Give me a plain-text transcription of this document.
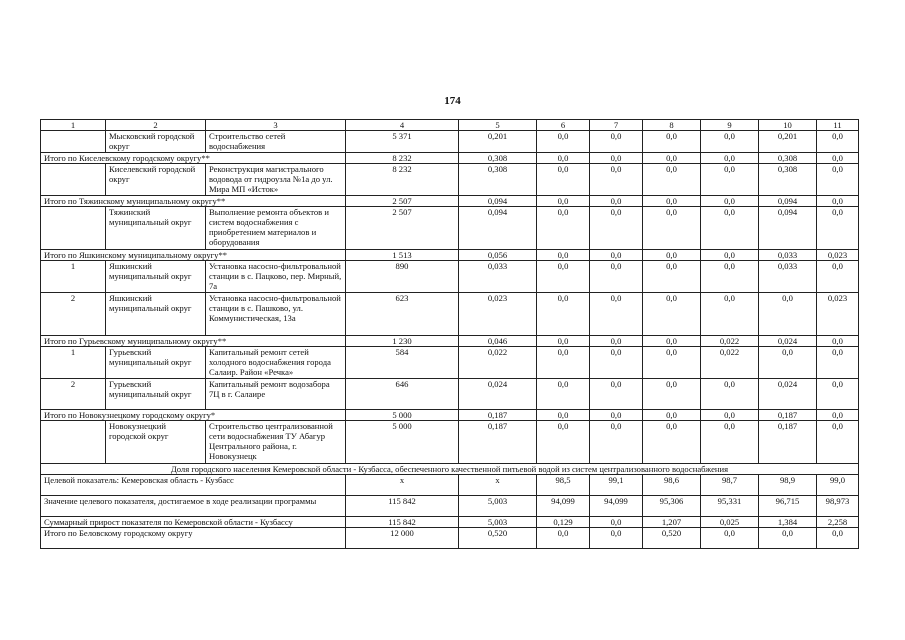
174
1	2	3	4	5	6	7	8	9	10	11
	Мысковский городской округ	Строительство сетей водоснабжения	5 371	0,201	0,0	0,0	0,0	0,0	0,201	0,0
Итого по Киселевскому городскому округу**			8 232	0,308	0,0	0,0	0,0	0,0	0,308	0,0
	Киселевский городской округ	Реконструкция магистрального водовода от гидроузла №1а до ул. Мира МП «Исток»	8 232	0,308	0,0	0,0	0,0	0,0	0,308	0,0
Итого по Тяжинскому муниципальному округу**			2 507	0,094	0,0	0,0	0,0	0,0	0,094	0,0
	Тяжинский муниципальный округ	Выполнение ремонта объектов и систем водоснабжения с приобретением материалов и оборудования	2 507	0,094	0,0	0,0	0,0	0,0	0,094	0,0
Итого по Яшкинскому муниципальному округу**			1 513	0,056	0,0	0,0	0,0	0,0	0,033	0,023
1	Яшкинский муниципальный округ	Установка насосно-фильтровальной станции в с. Пацково, пер. Мирный, 7а	890	0,033	0,0	0,0	0,0	0,0	0,033	0,0
2	Яшкинский муниципальный округ	Установка насосно-фильтровальной станции в с. Пашково, ул. Коммунистическая, 13а	623	0,023	0,0	0,0	0,0	0,0	0,0	0,023
Итого по Гурьевскому муниципальному округу**			1 230	0,046	0,0	0,0	0,0	0,022	0,024	0,0
1	Гурьевский муниципальный округ	Капитальный ремонт сетей холодного водоснабжения города Салаир. Район «Речка»	584	0,022	0,0	0,0	0,0	0,022	0,0	0,0
2	Гурьевский муниципальный округ	Капитальный ремонт водозабора 7Ц в г. Салаире	646	0,024	0,0	0,0	0,0	0,0	0,024	0,0
Итого по Новокузнецкому городскому округу*			5 000	0,187	0,0	0,0	0,0	0,0	0,187	0,0
	Новокузнецкий городской округ	Строительство централизованной сети водоснабжения ТУ Абагур Центрального района, г. Новокузнецк	5 000	0,187	0,0	0,0	0,0	0,0	0,187	0,0
Доля городского населения Кемеровской области - Кузбасса, обеспеченного качественной питьевой водой из систем централизованного водоснабжения										
Целевой показатель: Кемеровская область - Кузбасс			х	х	98,5	99,1	98,6	98,7	98,9	99,0
Значение целевого показателя, достигаемое в ходе реализации программы			115 842	5,003	94,099	94,099	95,306	95,331	96,715	98,973
Суммарный прирост показателя по Кемеровской области - Кузбассу			115 842	5,003	0,129	0,0	1,207	0,025	1,384	2,258
Итого по Беловскому городскому округу			12 000	0,520	0,0	0,0	0,520	0,0	0,0	0,0
